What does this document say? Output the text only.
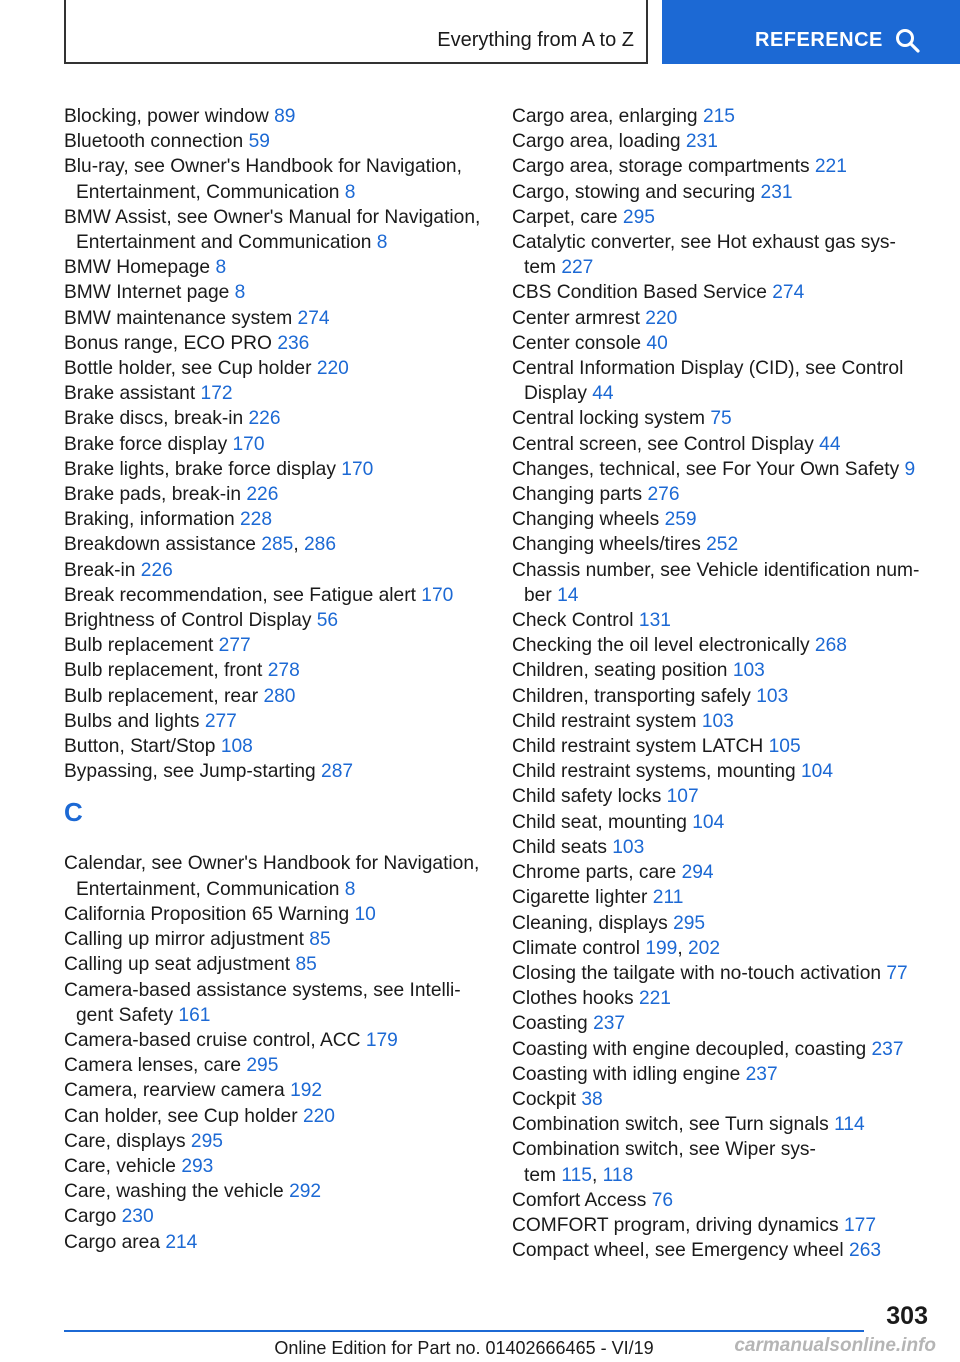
Everything from A to Z	REFERENCE
Blocking, power window 89
Bluetooth connection 59
Blu-ray, see Owner's Handbook for Navigation,
Entertainment, Communication 8
BMW Assist, see Owner's Manual for Navigation,
Entertainment and Communication 8
BMW Homepage 8
BMW Internet page 8
BMW maintenance system 274
Bonus range, ECO PRO 236
Bottle holder, see Cup holder 220
Brake assistant 172
Brake discs, break-in 226
Brake force display 170
Brake lights, brake force display 170
Brake pads, break-in 226
Braking, information 228
Breakdown assistance 285, 286
Break-in 226
Break recommendation, see Fatigue alert 170
Brightness of Control Display 56
Bulb replacement 277
Bulb replacement, front 278
Bulb replacement, rear 280
Bulbs and lights 277
Button, Start/Stop 108
Bypassing, see Jump-starting 287
C
Calendar, see Owner's Handbook for Navigation,
Entertainment, Communication 8
California Proposition 65 Warning 10
Calling up mirror adjustment 85
Calling up seat adjustment 85
Camera-based assistance systems, see Intelli-
gent Safety 161
Camera-based cruise control, ACC 179
Camera lenses, care 295
Camera, rearview camera 192
Can holder, see Cup holder 220
Care, displays 295
Care, vehicle 293
Care, washing the vehicle 292
Cargo 230
Cargo area 214
Cargo area, enlarging 215
Cargo area, loading 231
Cargo area, storage compartments 221
Cargo, stowing and securing 231
Carpet, care 295
Catalytic converter, see Hot exhaust gas sys-
tem 227
CBS Condition Based Service 274
Center armrest 220
Center console 40
Central Information Display (CID), see Control
Display 44
Central locking system 75
Central screen, see Control Display 44
Changes, technical, see For Your Own Safety 9
Changing parts 276
Changing wheels 259
Changing wheels/tires 252
Chassis number, see Vehicle identification num-
ber 14
Check Control 131
Checking the oil level electronically 268
Children, seating position 103
Children, transporting safely 103
Child restraint system 103
Child restraint system LATCH 105
Child restraint systems, mounting 104
Child safety locks 107
Child seat, mounting 104
Child seats 103
Chrome parts, care 294
Cigarette lighter 211
Cleaning, displays 295
Climate control 199, 202
Closing the tailgate with no-touch activation 77
Clothes hooks 221
Coasting 237
Coasting with engine decoupled, coasting 237
Coasting with idling engine 237
Cockpit 38
Combination switch, see Turn signals 114
Combination switch, see Wiper sys-
tem 115, 118
Comfort Access 76
COMFORT program, driving dynamics 177
Compact wheel, see Emergency wheel 263
303
Online Edition for Part no. 01402666465 - VI/19	carmanualsonline.info
